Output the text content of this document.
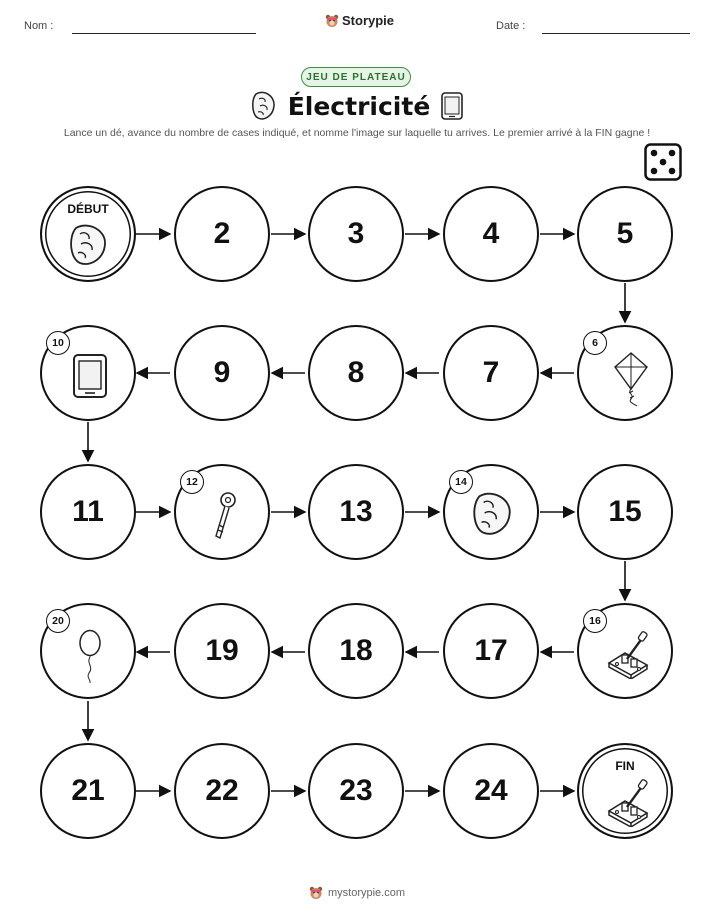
Nom :	Storypie	Date :
JEU DE PLATEAU
Électricité
Lance un dé, avance du nombre de cases indiqué, et nomme l'image sur laquelle tu arrives. Le premier arrivé à la FIN gagne !
DÉBUT
2	3	4	5
10
9	8	7
6
11
12
13
14
15
20
19	18	17
16
21	22	23	24
FIN
mystorypie.com
